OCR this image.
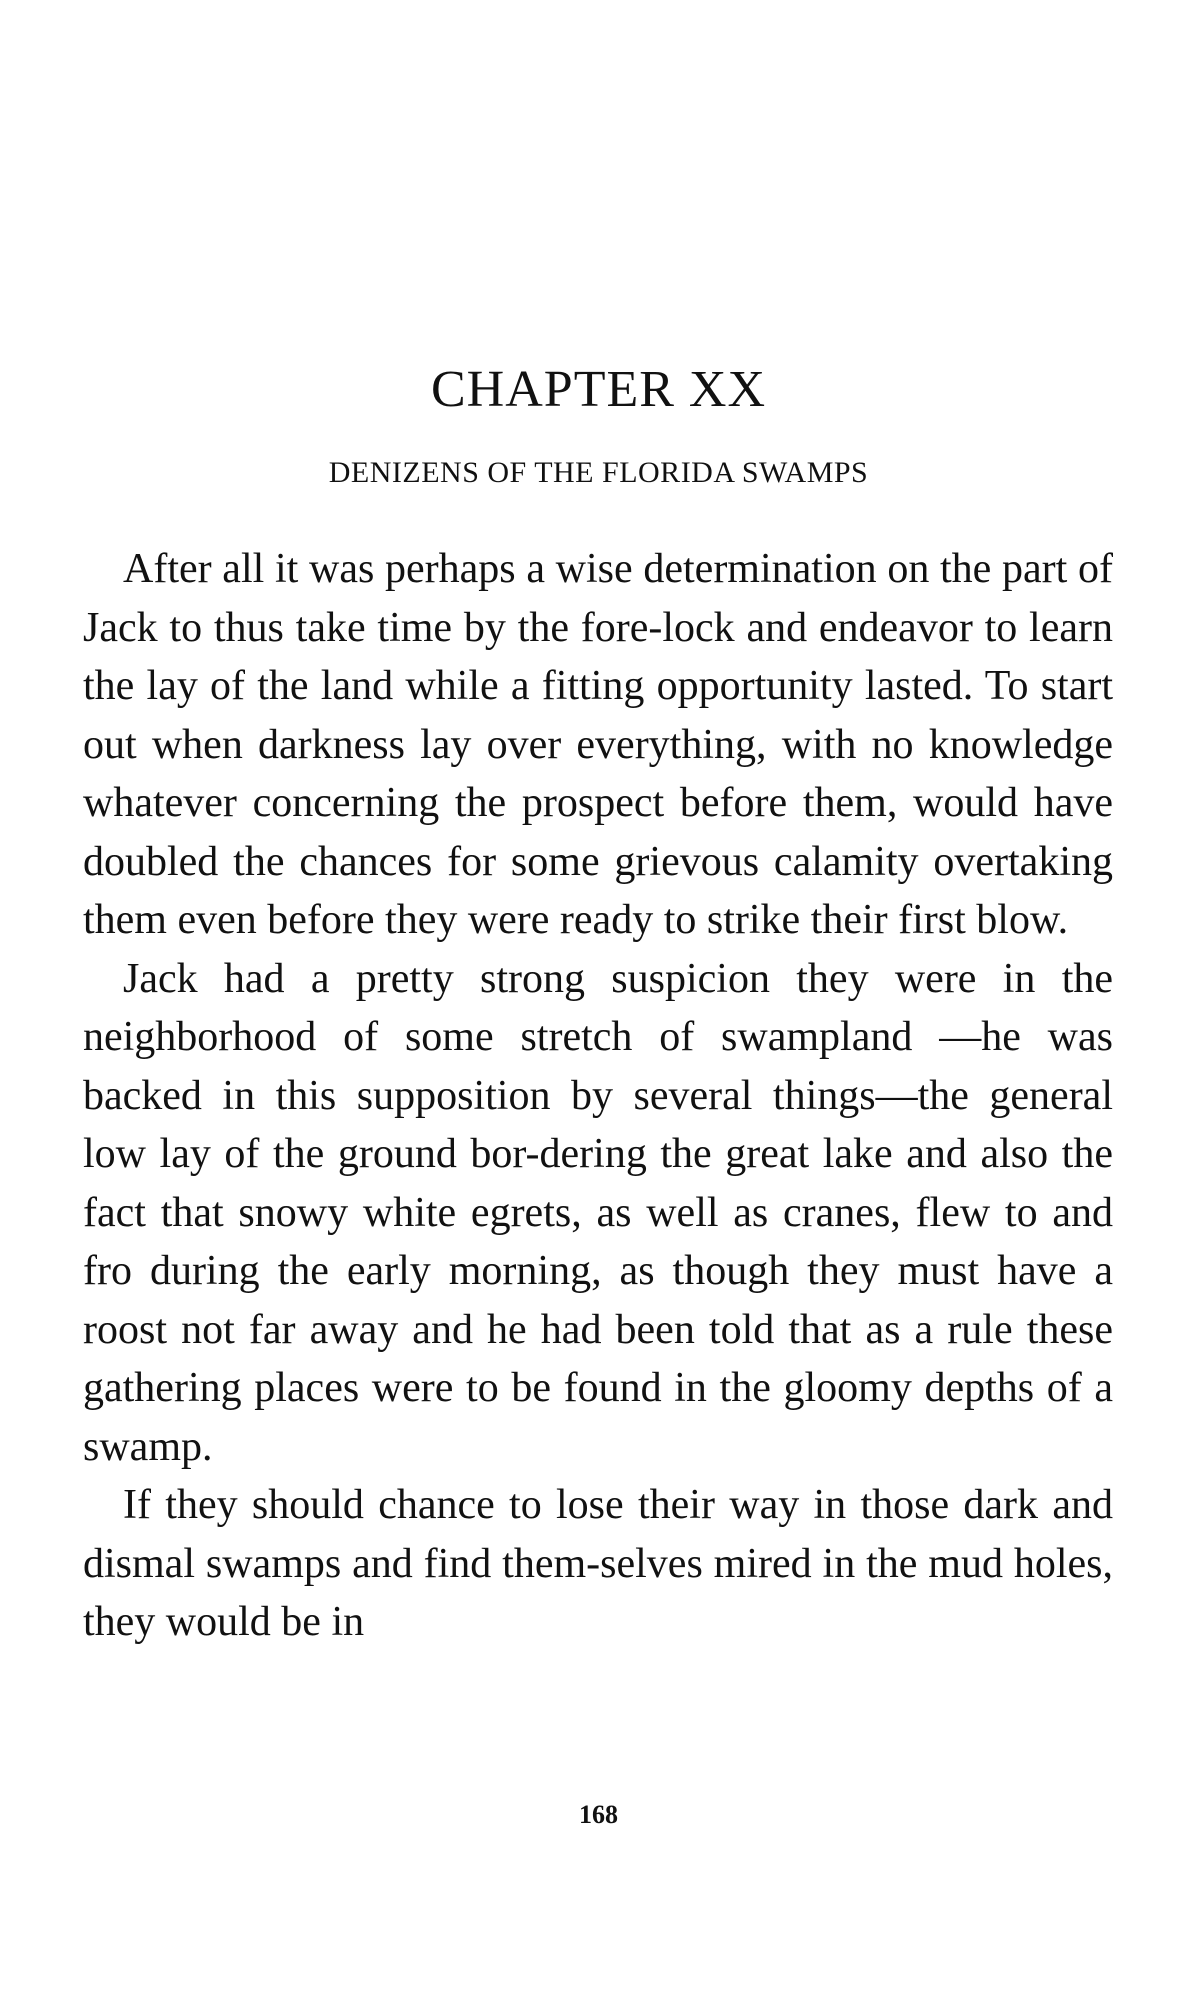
CHAPTER XX
DENIZENS OF THE FLORIDA SWAMPS

After all it was perhaps a wise determination on the part of Jack to thus take time by the fore-lock and endeavor to learn the lay of the land while a fitting opportunity lasted. To start out when darkness lay over everything, with no knowledge whatever concerning the prospect before them, would have doubled the chances for some grievous calamity overtaking them even before they were ready to strike their first blow.

Jack had a pretty strong suspicion they were in the neighborhood of some stretch of swampland —he was backed in this supposition by several things—the general low lay of the ground bor-dering the great lake and also the fact that snowy white egrets, as well as cranes, flew to and fro during the early morning, as though they must have a roost not far away and he had been told that as a rule these gathering places were to be found in the gloomy depths of a swamp.

If they should chance to lose their way in those dark and dismal swamps and find them-selves mired in the mud holes, they would be in

168
